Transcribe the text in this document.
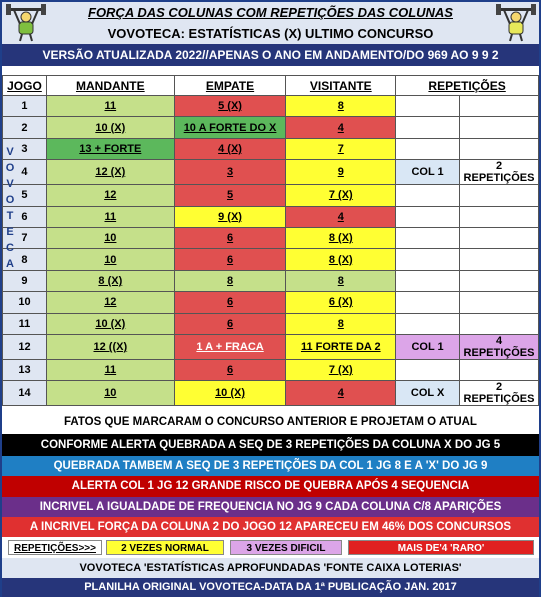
FORÇA DAS COLUNAS COM REPETIÇÕES DAS COLUNAS
VOVOTECA: ESTATÍSTICAS (X) ULTIMO CONCURSO
VERSÃO ATUALIZADA 2022//APENAS O ANO EM ANDAMENTO/DO 969 AO 9 9 2
JOGO	MANDANTE	EMPATE	VISITANTE	REPETIÇÕES	
1	11	5 (X)	8		
2	10 (X)	10 A FORTE DO X	4		
3	13 + FORTE	4 (X)	7		
4	12 (X)	3	9	COL 1	2 REPETIÇÕES
5	12	5	7 (X)		
6	11	9 (X)	4		
7	10	6	8 (X)		
8	10	6	8 (X)		
9	8 (X)	8	8		
10	12	6	6 (X)		
11	10 (X)	6	8		
12	12 ((X)	1 A + FRACA	11 FORTE DA 2	COL 1	4 REPETIÇÕES
13	11	6	7 (X)		
14	10	10 (X)	4	COL X	2 REPETIÇÕES
V
O
V
O
T
E
C
A
FATOS QUE MARCARAM O CONCURSO ANTERIOR E PROJETAM O ATUAL
CONFORME ALERTA QUEBRADA A SEQ DE 3 REPETIÇÕES DA COLUNA X DO JG 5
QUEBRADA TAMBEM A SEQ DE 3 REPETIÇÕES DA COL 1 JG 8 E A 'X' DO JG 9
ALERTA COL 1 JG 12 GRANDE RISCO DE QUEBRA APÓS 4 SEQUENCIA
INCRIVEL A IGUALDADE DE FREQUENCIA NO JG 9 CADA COLUNA C/8 APARIÇÕES
A INCRIVEL FORÇA DA COLUNA 2 DO JOGO 12 APARECEU EM 46% DOS CONCURSOS
REPETIÇÕES>>>	2 VEZES NORMAL	3 VEZES DIFICIL	MAIS DE'4 'RARO'
VOVOTECA 'ESTATÍSTICAS APROFUNDADAS 'FONTE CAIXA LOTERIAS'
PLANILHA ORIGINAL VOVOTECA-DATA DA 1ª PUBLICAÇÃO JAN. 2017
